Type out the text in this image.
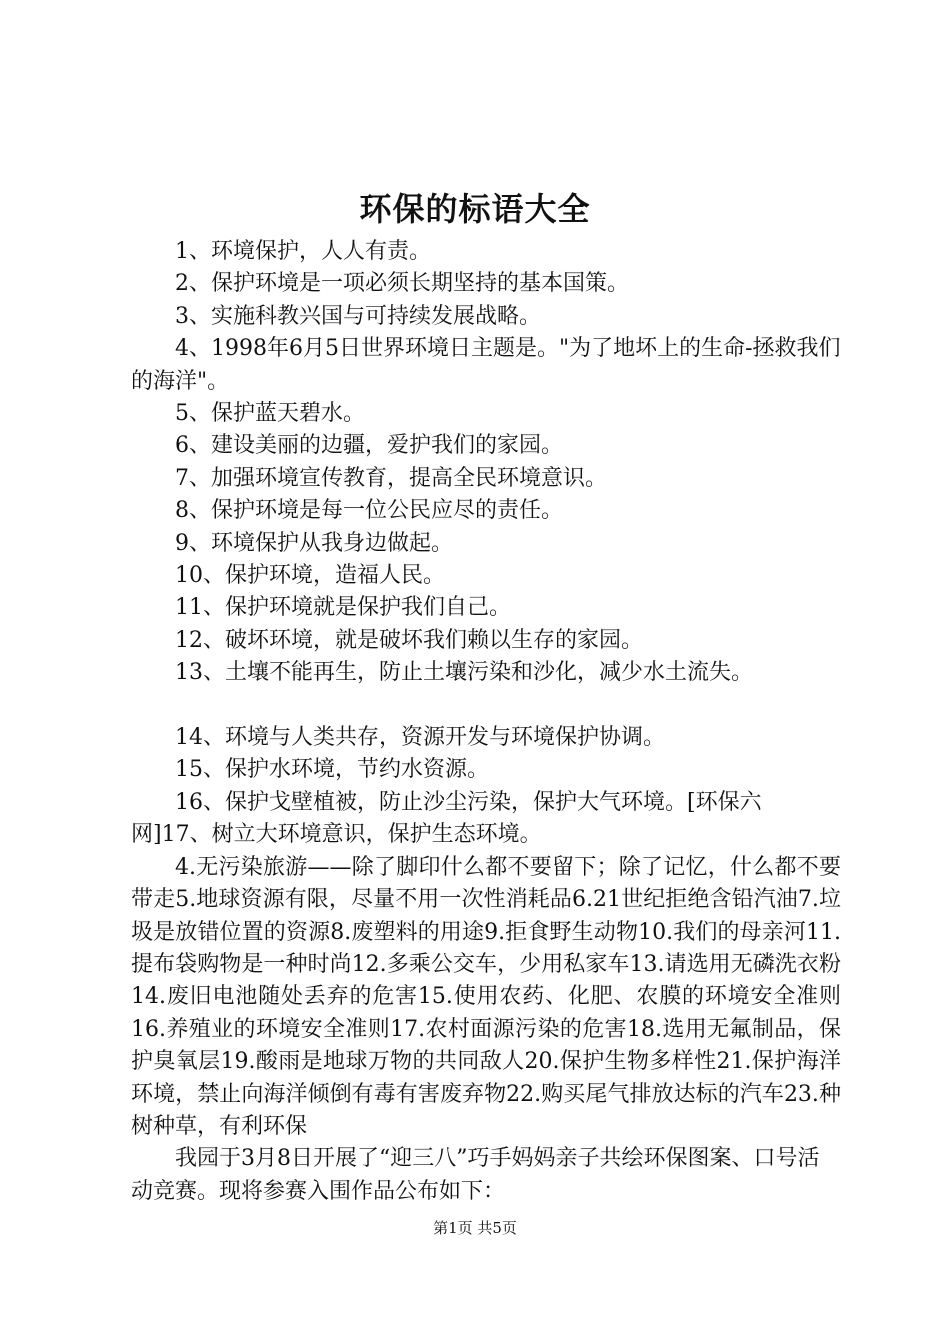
环保的标语大全

1、环境保护，人人有责。

2、保护环境是一项必须长期坚持的基本国策。

3、实施科教兴国与可持续发展战略。

4、1998年6月5日世界环境日主题是。"为了地坏上的生命-拯救我们的海洋"。

5、保护蓝天碧水。

6、建设美丽的边疆，爱护我们的家园。

7、加强环境宣传教育，提高全民环境意识。

8、保护环境是每一位公民应尽的责任。

9、环境保护从我身边做起。

10、保护环境，造福人民。

11、保护环境就是保护我们自己。

12、破坏环境，就是破坏我们赖以生存的家园。

13、土壤不能再生，防止土壤污染和沙化，减少水土流失。

14、环境与人类共存，资源开发与环境保护协调。

15、保护水环境，节约水资源。

16、保护戈壁植被，防止沙尘污染，保护大气环境。[环保六网]17、树立大环境意识，保护生态环境。

4.无污染旅游——除了脚印什么都不要留下；除了记忆，什么都不要带走5.地球资源有限，尽量不用一次性消耗品6.21世纪拒绝含铅汽油7.垃圾是放错位置的资源8.废塑料的用途9.拒食野生动物10.我们的母亲河11.提布袋购物是一种时尚12.多乘公交车，少用私家车13.请选用无磷洗衣粉14.废旧电池随处丢弃的危害15.使用农药、化肥、农膜的环境安全准则16.养殖业的环境安全准则17.农村面源污染的危害18.选用无氟制品，保护臭氧层19.酸雨是地球万物的共同敌人20.保护生物多样性21.保护海洋环境，禁止向海洋倾倒有毒有害废弃物22.购买尾气排放达标的汽车23.种树种草，有利环保

我园于3月8日开展了“迎三八”巧手妈妈亲子共绘环保图案、口号活动竞赛。现将参赛入围作品公布如下：

第1页 共5页
